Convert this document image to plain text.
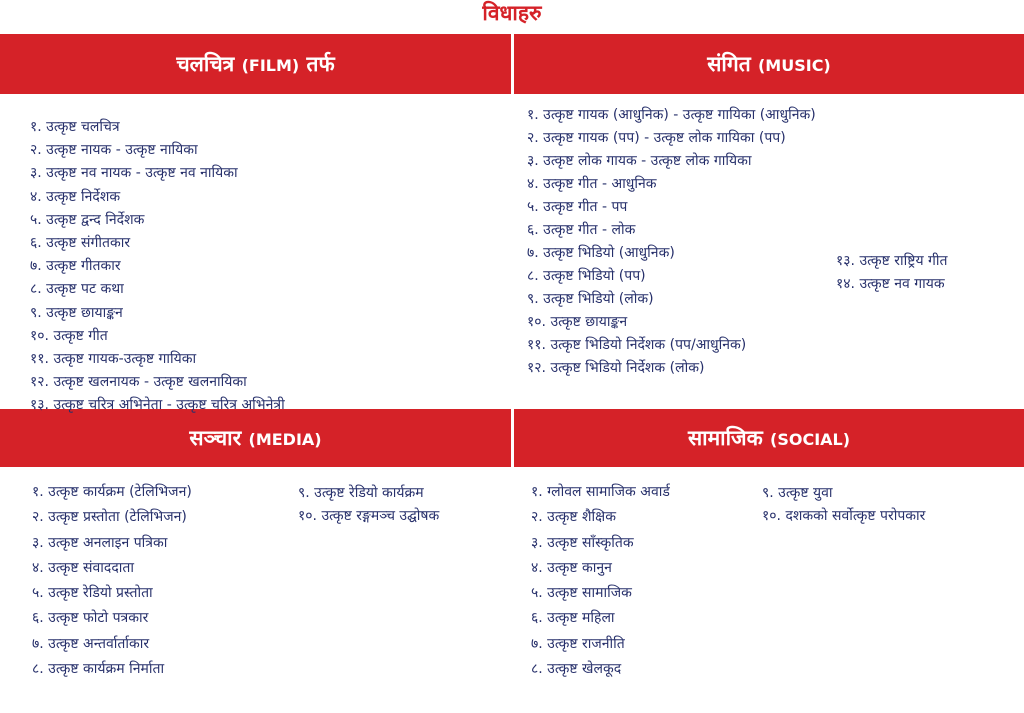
विधाहरु
चलचित्र (FILM) तर्फ	संगित (MUSIC)
सञ्चार (MEDIA)	सामाजिक (SOCIAL)
१. उत्कृष्ट चलचित्र
२. उत्कृष्ट नायक - उत्कृष्ट नायिका
३. उत्कृष्ट नव नायक - उत्कृष्ट नव नायिका
४. उत्कृष्ट निर्देशक
५. उत्कृष्ट द्वन्द निर्देशक
६. उत्कृष्ट संगीतकार
७. उत्कृष्ट गीतकार
८. उत्कृष्ट पट कथा
९. उत्कृष्ट छायाङ्कन
१०. उत्कृष्ट गीत
११. उत्कृष्ट गायक-उत्कृष्ट गायिका
१२. उत्कृष्ट खलनायक - उत्कृष्ट खलनायिका
१३. उत्कृष्ट चरित्र अभिनेता - उत्कृष्ट चरित्र अभिनेत्री
१. उत्कृष्ट गायक (आधुनिक) - उत्कृष्ट गायिका (आधुनिक)
२. उत्कृष्ट गायक (पप) - उत्कृष्ट लोक गायिका (पप)
३. उत्कृष्ट लोक गायक - उत्कृष्ट लोक गायिका
४. उत्कृष्ट गीत - आधुनिक
५. उत्कृष्ट गीत - पप
६. उत्कृष्ट गीत - लोक
७. उत्कृष्ट भिडियो (आधुनिक)
८. उत्कृष्ट भिडियो (पप)
९. उत्कृष्ट भिडियो (लोक)
१०. उत्कृष्ट छायाङ्कन
११. उत्कृष्ट भिडियो निर्देशक (पप/आधुनिक)
१२. उत्कृष्ट भिडियो निर्देशक (लोक)
१३. उत्कृष्ट राष्ट्रिय गीत
१४. उत्कृष्ट नव गायक
१. उत्कृष्ट कार्यक्रम (टेलिभिजन)
२. उत्कृष्ट प्रस्तोता (टेलिभिजन)
३. उत्कृष्ट अनलाइन पत्रिका
४. उत्कृष्ट संवाददाता
५. उत्कृष्ट रेडियो प्रस्तोता
६. उत्कृष्ट फोटो पत्रकार
७. उत्कृष्ट अन्तर्वार्ताकार
८. उत्कृष्ट कार्यक्रम निर्माता
९. उत्कृष्ट रेडियो कार्यक्रम
१०. उत्कृष्ट रङ्गमञ्च उद्घोषक
१. ग्लोवल सामाजिक अवार्ड
२. उत्कृष्ट शैक्षिक
३. उत्कृष्ट साँस्कृतिक
४. उत्कृष्ट कानुन
५. उत्कृष्ट सामाजिक
६. उत्कृष्ट महिला
७. उत्कृष्ट राजनीति
८. उत्कृष्ट खेलकूद
९. उत्कृष्ट युवा
१०. दशकको सर्वोत्कृष्ट परोपकार
